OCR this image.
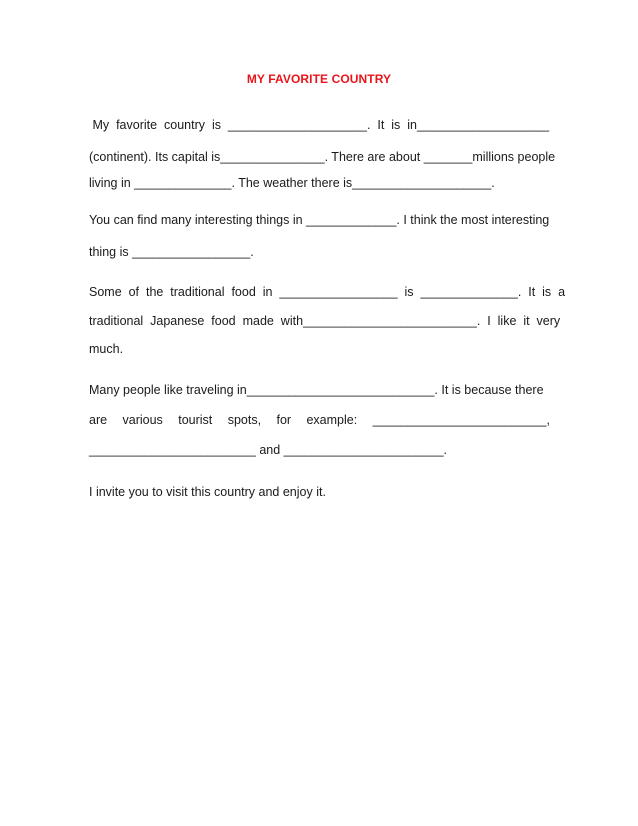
MY FAVORITE COUNTRY
My  favorite  country  is  ____________________.  It  is  in___________________
(continent). Its capital is_______________. There are about _______millions people
living in ______________. The weather there is____________________.
You can find many interesting things in _____________. I think the most interesting
thing is _________________.
Some  of  the  traditional  food  in  _________________  is  ______________.  It  is  a
traditional  Japanese  food  made  with_________________________.  I  like  it  very
much.
Many people like traveling in___________________________. It is because there
are various tourist spots, for example: _________________________,
________________________ and _______________________.
I invite you to visit this country and enjoy it.
